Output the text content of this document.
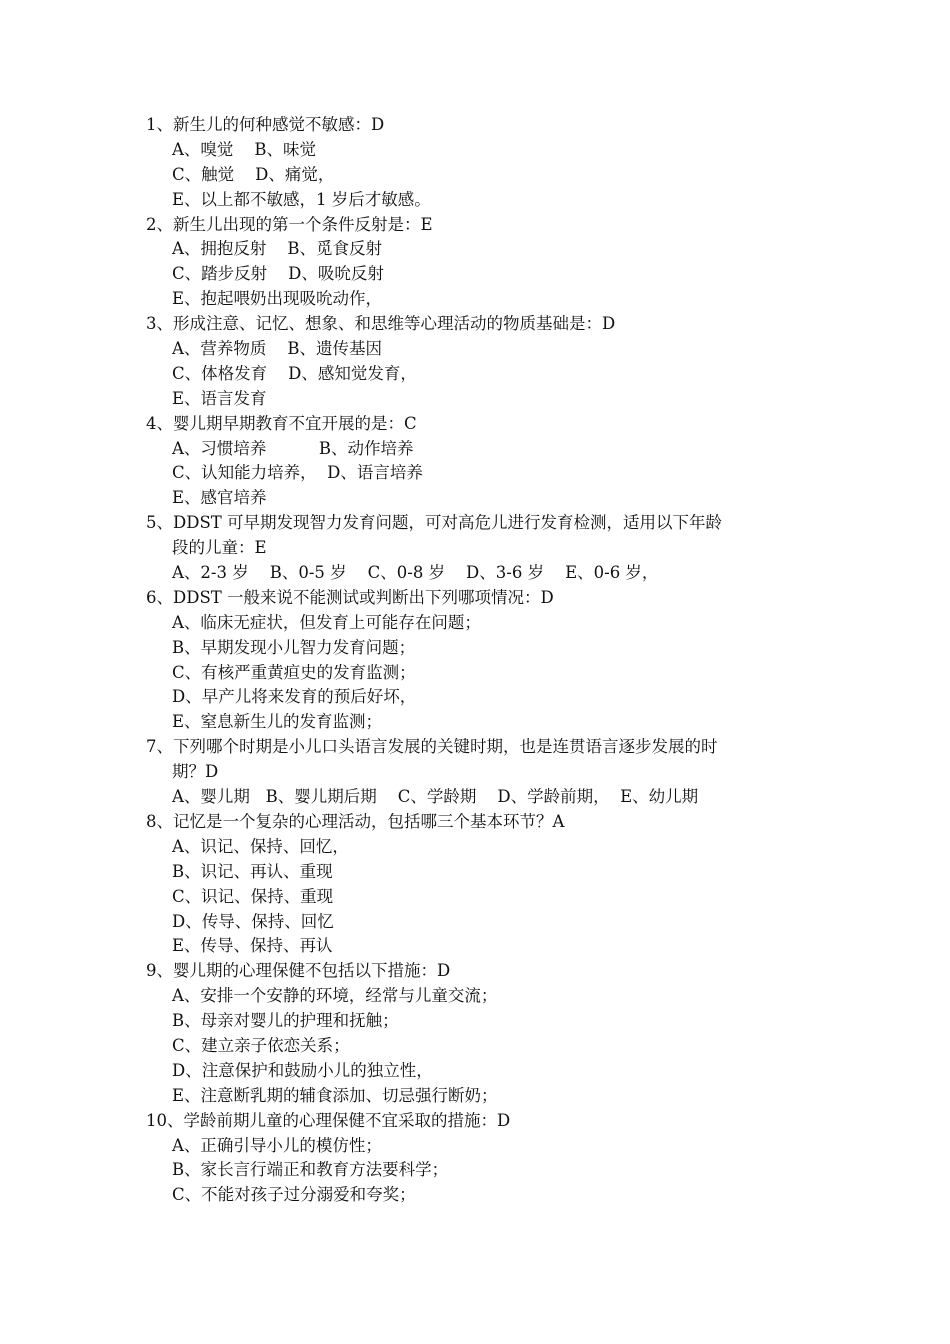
1、新生儿的何种感觉不敏感：D
A、嗅觉    B、味觉
C、触觉    D、痛觉，
E、以上都不敏感，1 岁后才敏感。
2、新生儿出现的第一个条件反射是：E
A、拥抱反射    B、觅食反射
C、踏步反射    D、吸吮反射
E、抱起喂奶出现吸吮动作，
3、形成注意、记忆、想象、和思维等心理活动的物质基础是：D
A、营养物质    B、遗传基因
C、体格发育    D、感知觉发育，
E、语言发育
4、婴儿期早期教育不宜开展的是：C
A、习惯培养          B、动作培养
C、认知能力培养，  D、语言培养
E、感官培养
5、DDST 可早期发现智力发育问题，可对高危儿进行发育检测，适用以下年龄
段的儿童：E
A、2-3 岁    B、0-5 岁    C、0-8 岁    D、3-6 岁    E、0-6 岁，
6、DDST 一般来说不能测试或判断出下列哪项情况：D
A、临床无症状，但发育上可能存在问题；
B、早期发现小儿智力发育问题；
C、有核严重黄疸史的发育监测；
D、早产儿将来发育的预后好坏，
E、窒息新生儿的发育监测；
7、下列哪个时期是小儿口头语言发展的关键时期，也是连贯语言逐步发展的时
期？D
A、婴儿期   B、婴儿期后期    C、学龄期    D、学龄前期，  E、幼儿期
8、记忆是一个复杂的心理活动，包括哪三个基本环节？A
A、识记、保持、回忆，
B、识记、再认、重现
C、识记、保持、重现
D、传导、保持、回忆
E、传导、保持、再认
9、婴儿期的心理保健不包括以下措施：D
A、安排一个安静的环境，经常与儿童交流；
B、母亲对婴儿的护理和抚触；
C、建立亲子依恋关系；
D、注意保护和鼓励小儿的独立性，
E、注意断乳期的辅食添加、切忌强行断奶；
10、学龄前期儿童的心理保健不宜采取的措施：D
A、正确引导小儿的模仿性；
B、家长言行端正和教育方法要科学；
C、不能对孩子过分溺爱和夸奖；
